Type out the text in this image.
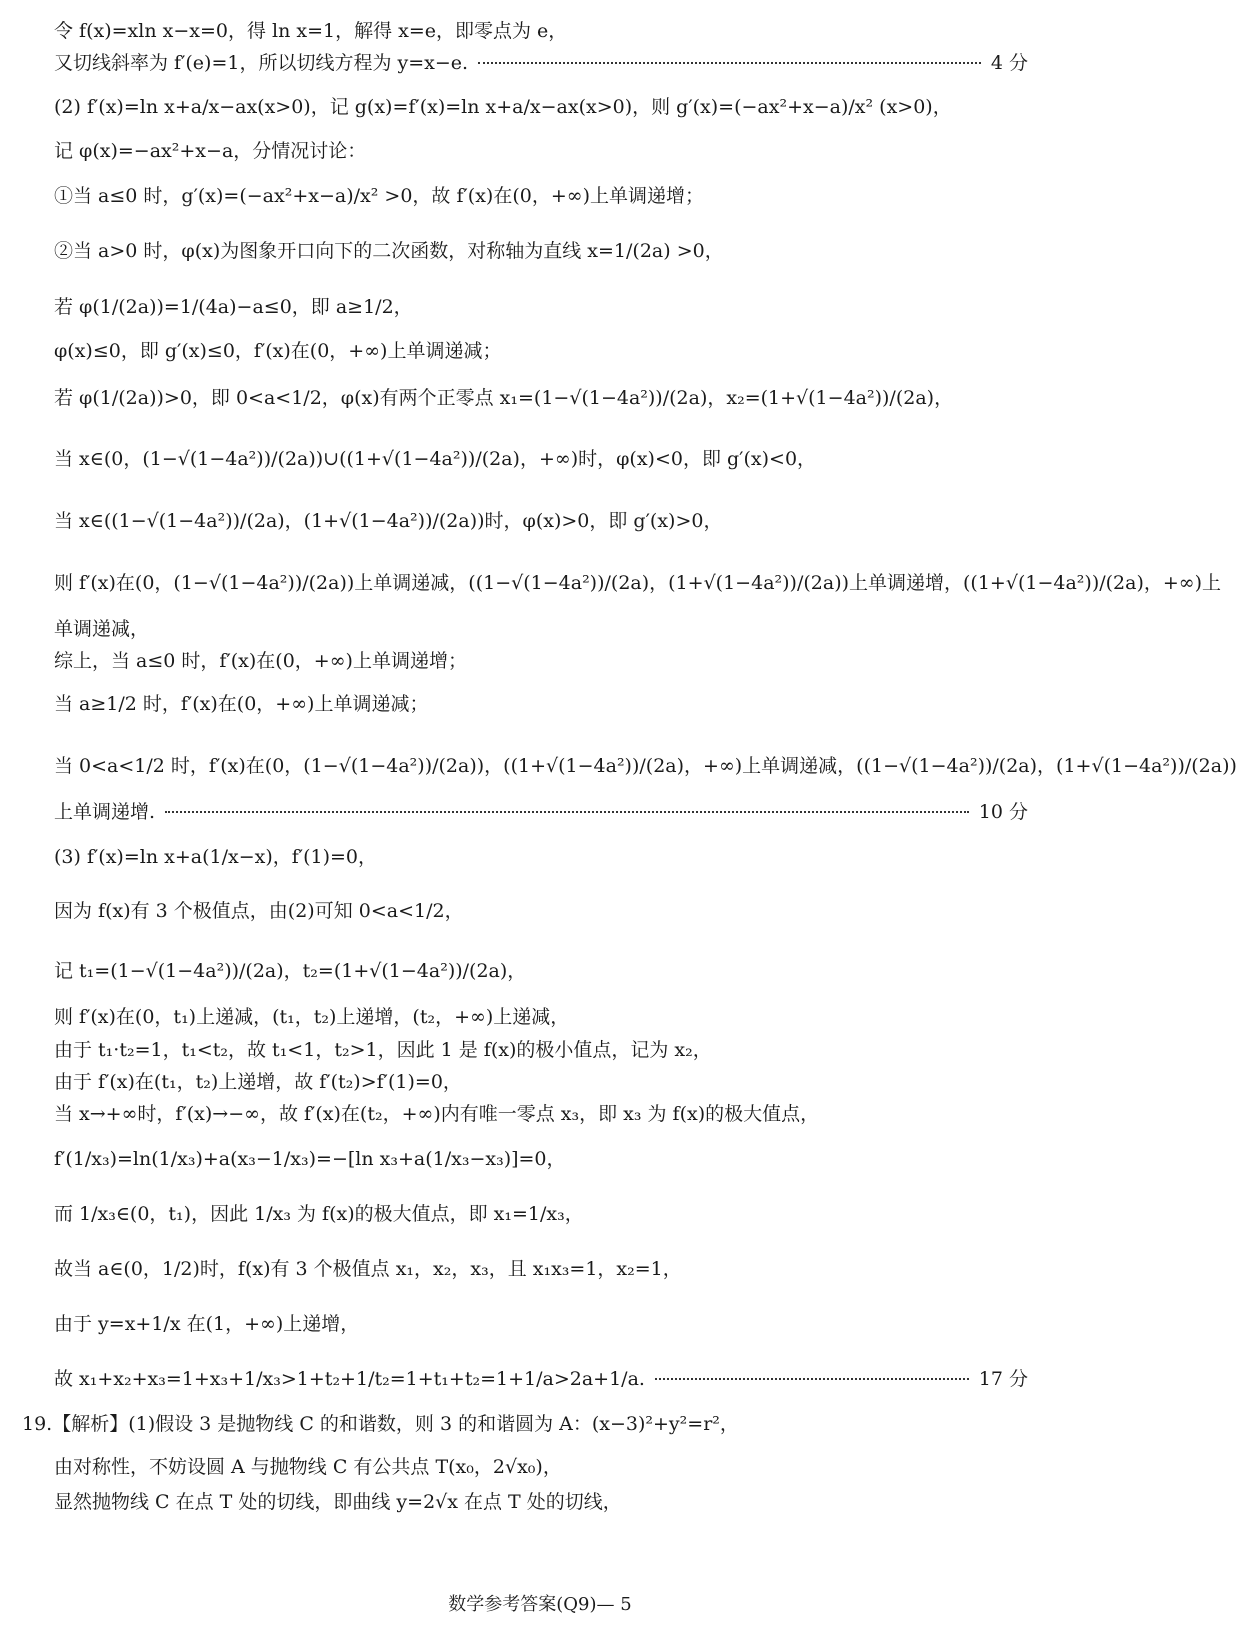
令 f(x)=xln x−x=0，得 ln x=1，解得 x=e，即零点为 e，
又切线斜率为 f′(e)=1，所以切线方程为 y=x−e.	4 分
(2) f′(x)=ln x+a/x−ax(x>0)，记 g(x)=f′(x)=ln x+a/x−ax(x>0)，则 g′(x)=(−ax²+x−a)/x² (x>0)，
记 φ(x)=−ax²+x−a，分情况讨论：
①当 a≤0 时，g′(x)=(−ax²+x−a)/x² >0，故 f′(x)在(0，+∞)上单调递增；
②当 a>0 时，φ(x)为图象开口向下的二次函数，对称轴为直线 x=1/(2a) >0，
若 φ(1/(2a))=1/(4a)−a≤0，即 a≥1/2，
φ(x)≤0，即 g′(x)≤0，f′(x)在(0，+∞)上单调递减；
若 φ(1/(2a))>0，即 0<a<1/2，φ(x)有两个正零点 x₁=(1−√(1−4a²))/(2a)，x₂=(1+√(1−4a²))/(2a)，
当 x∈(0，(1−√(1−4a²))/(2a))∪((1+√(1−4a²))/(2a)，+∞)时，φ(x)<0，即 g′(x)<0，
当 x∈((1−√(1−4a²))/(2a)，(1+√(1−4a²))/(2a))时，φ(x)>0，即 g′(x)>0，
则 f′(x)在(0，(1−√(1−4a²))/(2a))上单调递减，((1−√(1−4a²))/(2a)，(1+√(1−4a²))/(2a))上单调递增，((1+√(1−4a²))/(2a)，+∞)上
单调递减，
综上，当 a≤0 时，f′(x)在(0，+∞)上单调递增；
当 a≥1/2 时，f′(x)在(0，+∞)上单调递减；
当 0<a<1/2 时，f′(x)在(0，(1−√(1−4a²))/(2a))，((1+√(1−4a²))/(2a)，+∞)上单调递减，((1−√(1−4a²))/(2a)，(1+√(1−4a²))/(2a))
上单调递增.	10 分
(3) f′(x)=ln x+a(1/x−x)，f′(1)=0，
因为 f(x)有 3 个极值点，由(2)可知 0<a<1/2，
记 t₁=(1−√(1−4a²))/(2a)，t₂=(1+√(1−4a²))/(2a)，
则 f′(x)在(0，t₁)上递减，(t₁，t₂)上递增，(t₂，+∞)上递减，
由于 t₁·t₂=1，t₁<t₂，故 t₁<1，t₂>1，因此 1 是 f(x)的极小值点，记为 x₂，
由于 f′(x)在(t₁，t₂)上递增，故 f′(t₂)>f′(1)=0，
当 x→+∞时，f′(x)→−∞，故 f′(x)在(t₂，+∞)内有唯一零点 x₃，即 x₃ 为 f(x)的极大值点，
f′(1/x₃)=ln(1/x₃)+a(x₃−1/x₃)=−[ln x₃+a(1/x₃−x₃)]=0，
而 1/x₃∈(0，t₁)，因此 1/x₃ 为 f(x)的极大值点，即 x₁=1/x₃，
故当 a∈(0，1/2)时，f(x)有 3 个极值点 x₁，x₂，x₃，且 x₁x₃=1，x₂=1，
由于 y=x+1/x 在(1，+∞)上递增，
故 x₁+x₂+x₃=1+x₃+1/x₃>1+t₂+1/t₂=1+t₁+t₂=1+1/a>2a+1/a.	17 分
19.【解析】(1)假设 3 是抛物线 C 的和谐数，则 3 的和谐圆为 A：(x−3)²+y²=r²，
由对称性，不妨设圆 A 与抛物线 C 有公共点 T(x₀，2√x₀)，
显然抛物线 C 在点 T 处的切线，即曲线 y=2√x 在点 T 处的切线，
数学参考答案(Q9)— 5
